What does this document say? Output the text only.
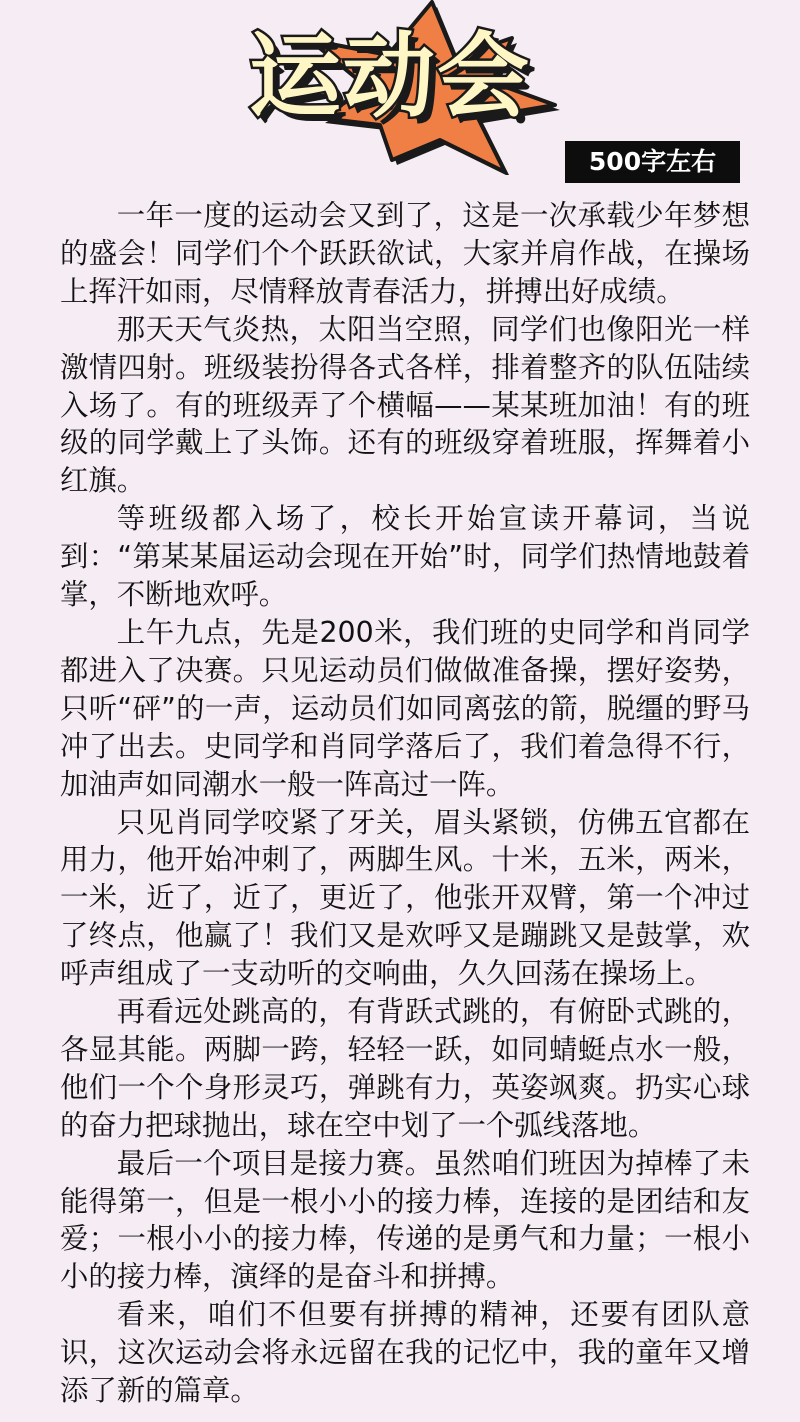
运动会
500字左右

一年一度的运动会又到了，这是一次承载少年梦想的盛会！同学们个个跃跃欲试，大家并肩作战，在操场上挥汗如雨，尽情释放青春活力，拼搏出好成绩。

那天天气炎热，太阳当空照，同学们也像阳光一样激情四射。班级装扮得各式各样，排着整齐的队伍陆续入场了。有的班级弄了个横幅——某某班加油！有的班级的同学戴上了头饰。还有的班级穿着班服，挥舞着小红旗。

等班级都入场了，校长开始宣读开幕词，当说到：“第某某届运动会现在开始”时，同学们热情地鼓着掌，不断地欢呼。

上午九点，先是200米，我们班的史同学和肖同学都进入了决赛。只见运动员们做做准备操，摆好姿势，只听“砰”的一声，运动员们如同离弦的箭，脱缰的野马冲了出去。史同学和肖同学落后了，我们着急得不行，加油声如同潮水一般一阵高过一阵。

只见肖同学咬紧了牙关，眉头紧锁，仿佛五官都在用力，他开始冲刺了，两脚生风。十米，五米，两米，一米，近了，近了，更近了，他张开双臂，第一个冲过了终点，他赢了！我们又是欢呼又是蹦跳又是鼓掌，欢呼声组成了一支动听的交响曲，久久回荡在操场上。

再看远处跳高的，有背跃式跳的，有俯卧式跳的，各显其能。两脚一跨，轻轻一跃，如同蜻蜓点水一般，他们一个个身形灵巧，弹跳有力，英姿飒爽。扔实心球的奋力把球抛出，球在空中划了一个弧线落地。

最后一个项目是接力赛。虽然咱们班因为掉棒了未能得第一，但是一根小小的接力棒，连接的是团结和友爱；一根小小的接力棒，传递的是勇气和力量；一根小小的接力棒，演绎的是奋斗和拼搏。

看来，咱们不但要有拼搏的精神，还要有团队意识，这次运动会将永远留在我的记忆中，我的童年又增添了新的篇章。
